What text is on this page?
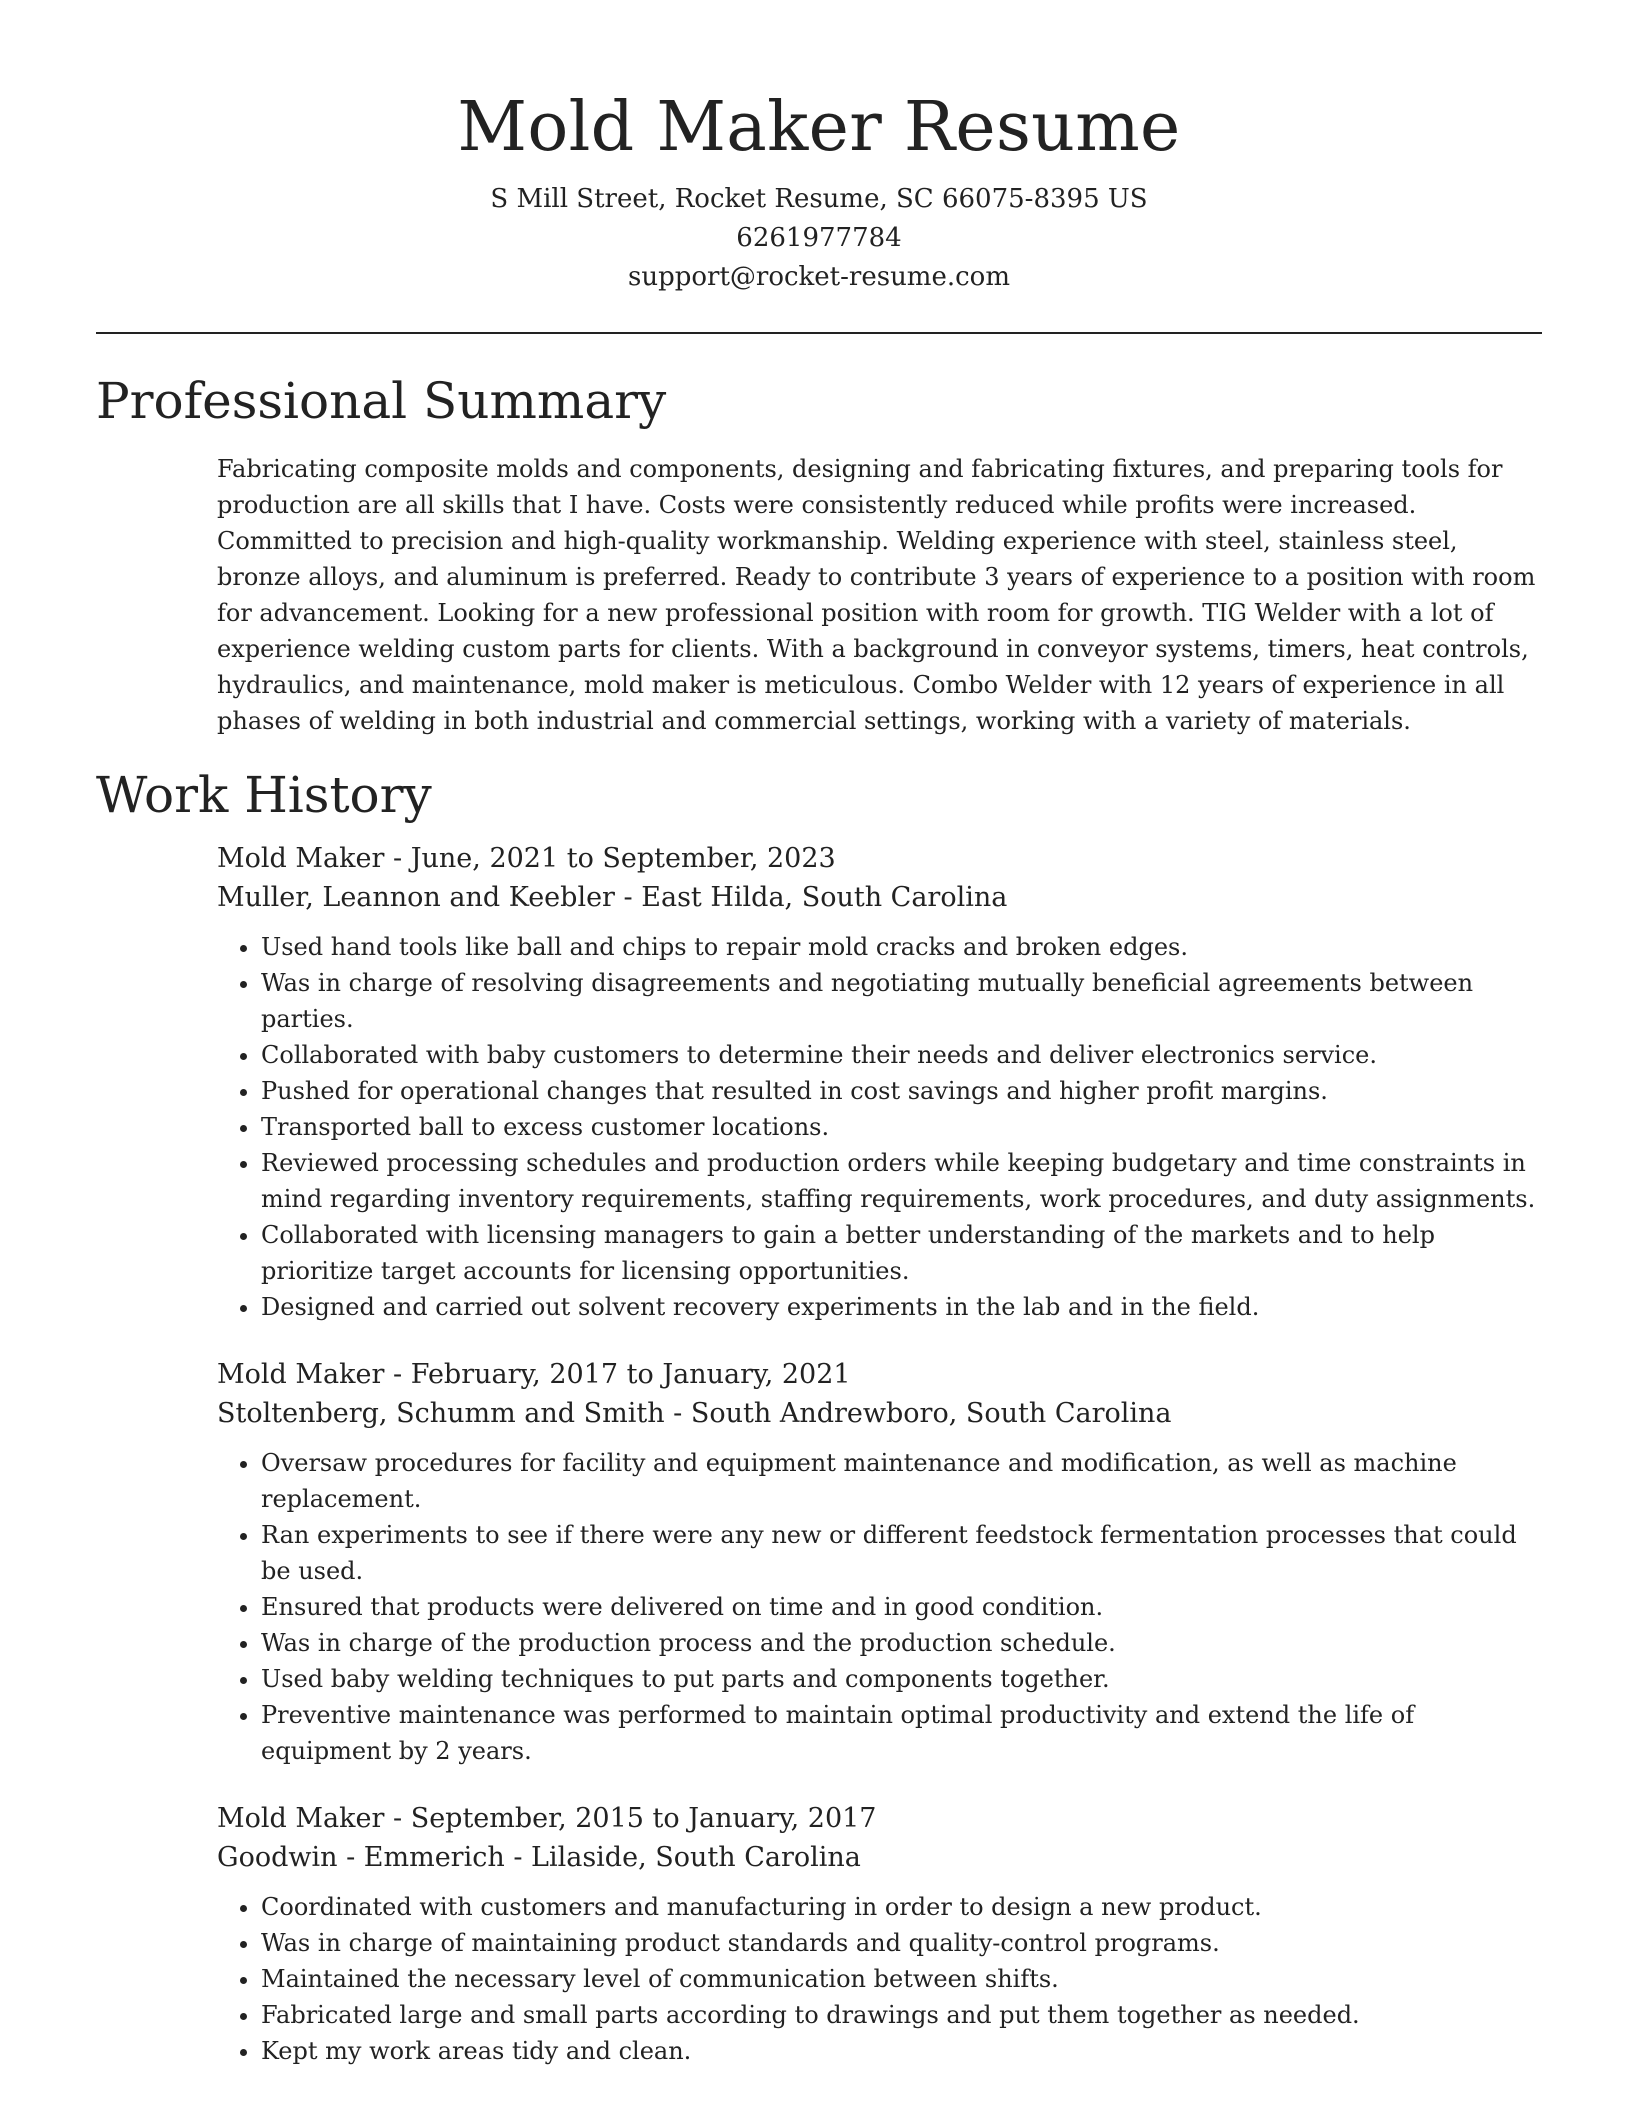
Mold Maker Resume
S Mill Street, Rocket Resume, SC 66075-8395 US
6261977784
support@rocket-resume.com
Professional Summary

Fabricating composite molds and components, designing and fabricating fixtures, and preparing tools for production are all skills that I have. Costs were consistently reduced while profits were increased. Committed to precision and high-quality workmanship. Welding experience with steel, stainless steel, bronze alloys, and aluminum is preferred. Ready to contribute 3 years of experience to a position with room for advancement. Looking for a new professional position with room for growth. TIG Welder with a lot of experience welding custom parts for clients. With a background in conveyor systems, timers, heat controls, hydraulics, and maintenance, mold maker is meticulous. Combo Welder with 12 years of experience in all phases of welding in both industrial and commercial settings, working with a variety of materials.

Work History
Mold Maker - June, 2021 to September, 2023
Muller, Leannon and Keebler - East Hilda, South Carolina
• Used hand tools like ball and chips to repair mold cracks and broken edges.
• Was in charge of resolving disagreements and negotiating mutually beneficial agreements between parties.
• Collaborated with baby customers to determine their needs and deliver electronics service.
• Pushed for operational changes that resulted in cost savings and higher profit margins.
• Transported ball to excess customer locations.
• Reviewed processing schedules and production orders while keeping budgetary and time constraints in mind regarding inventory requirements, staffing requirements, work procedures, and duty assignments.
• Collaborated with licensing managers to gain a better understanding of the markets and to help prioritize target accounts for licensing opportunities.
• Designed and carried out solvent recovery experiments in the lab and in the field.
Mold Maker - February, 2017 to January, 2021
Stoltenberg, Schumm and Smith - South Andrewboro, South Carolina
• Oversaw procedures for facility and equipment maintenance and modification, as well as machine replacement.
• Ran experiments to see if there were any new or different feedstock fermentation processes that could be used.
• Ensured that products were delivered on time and in good condition.
• Was in charge of the production process and the production schedule.
• Used baby welding techniques to put parts and components together.
• Preventive maintenance was performed to maintain optimal productivity and extend the life of equipment by 2 years.
Mold Maker - September, 2015 to January, 2017
Goodwin - Emmerich - Lilaside, South Carolina
• Coordinated with customers and manufacturing in order to design a new product.
• Was in charge of maintaining product standards and quality-control programs.
• Maintained the necessary level of communication between shifts.
• Fabricated large and small parts according to drawings and put them together as needed.
• Kept my work areas tidy and clean.
